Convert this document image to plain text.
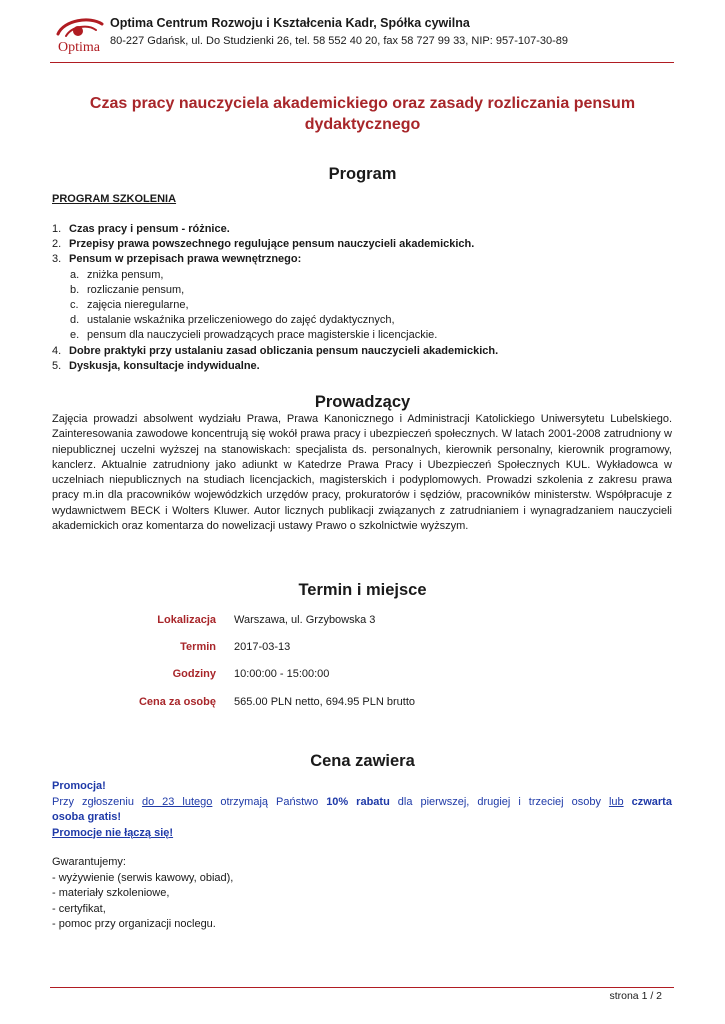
Optima
Optima Centrum Rozwoju i Kształcenia Kadr, Spółka cywilna
80-227 Gdańsk, ul. Do Studzienki 26, tel. 58 552 40 20, fax 58 727 99 33, NIP: 957-107-30-89
Czas pracy nauczyciela akademickiego oraz zasady rozliczania pensum dydaktycznego
Program
PROGRAM SZKOLENIA
1. Czas pracy i pensum - różnice.
2. Przepisy prawa powszechnego regulujące pensum nauczycieli akademickich.
3. Pensum w przepisach prawa wewnętrznego:
a. zniżka pensum,
b. rozliczanie pensum,
c. zajęcia nieregularne,
d. ustalanie wskaźnika przeliczeniowego do zajęć dydaktycznych,
e. pensum dla nauczycieli prowadzących prace magisterskie i licencjackie.
4. Dobre praktyki przy ustalaniu zasad obliczania pensum nauczycieli akademickich.
5. Dyskusja, konsultacje indywidualne.
Prowadzący

Zajęcia prowadzi absolwent wydziału Prawa, Prawa Kanonicznego i Administracji Katolickiego Uniwersytetu Lubelskiego. Zainteresowania zawodowe koncentrują się wokół prawa pracy i ubezpieczeń społecznych. W latach 2001-2008 zatrudniony w niepublicznej uczelni wyższej na stanowiskach: specjalista ds. personalnych, kierownik personalny, kierownik programowy, kanclerz. Aktualnie zatrudniony jako adiunkt w Katedrze Prawa Pracy i Ubezpieczeń Społecznych KUL. Wykładowca w uczelniach niepublicznych na studiach licencjackich, magisterskich i podyplomowych. Prowadzi szkolenia z zakresu prawa pracy m.in dla pracowników wojewódzkich urzędów pracy, prokuratorów i sędziów, pracowników ministerstw. Współpracuje z wydawnictwem BECK i Wolters Kluwer. Autor licznych publikacji związanych z zatrudnianiem i wynagradzaniem nauczycieli akademickich oraz komentarza do nowelizacji ustawy Prawo o szkolnictwie wyższym.

Termin i miejsce
Lokalizacja Warszawa, ul. Grzybowska 3
Termin 2017-03-13
Godziny 10:00:00 - 15:00:00
Cena za osobę 565.00 PLN netto, 694.95 PLN brutto
Cena zawiera
Promocja!
Przy zgłoszeniu do 23 lutego otrzymają Państwo 10% rabatu dla pierwszej, drugiej i trzeciej osoby lub czwarta
osoba gratis!
Promocje nie łączą się!
Gwarantujemy:
- wyżywienie (serwis kawowy, obiad),
- materiały szkoleniowe,
- certyfikat,
- pomoc przy organizacji noclegu.
strona 1 / 2
